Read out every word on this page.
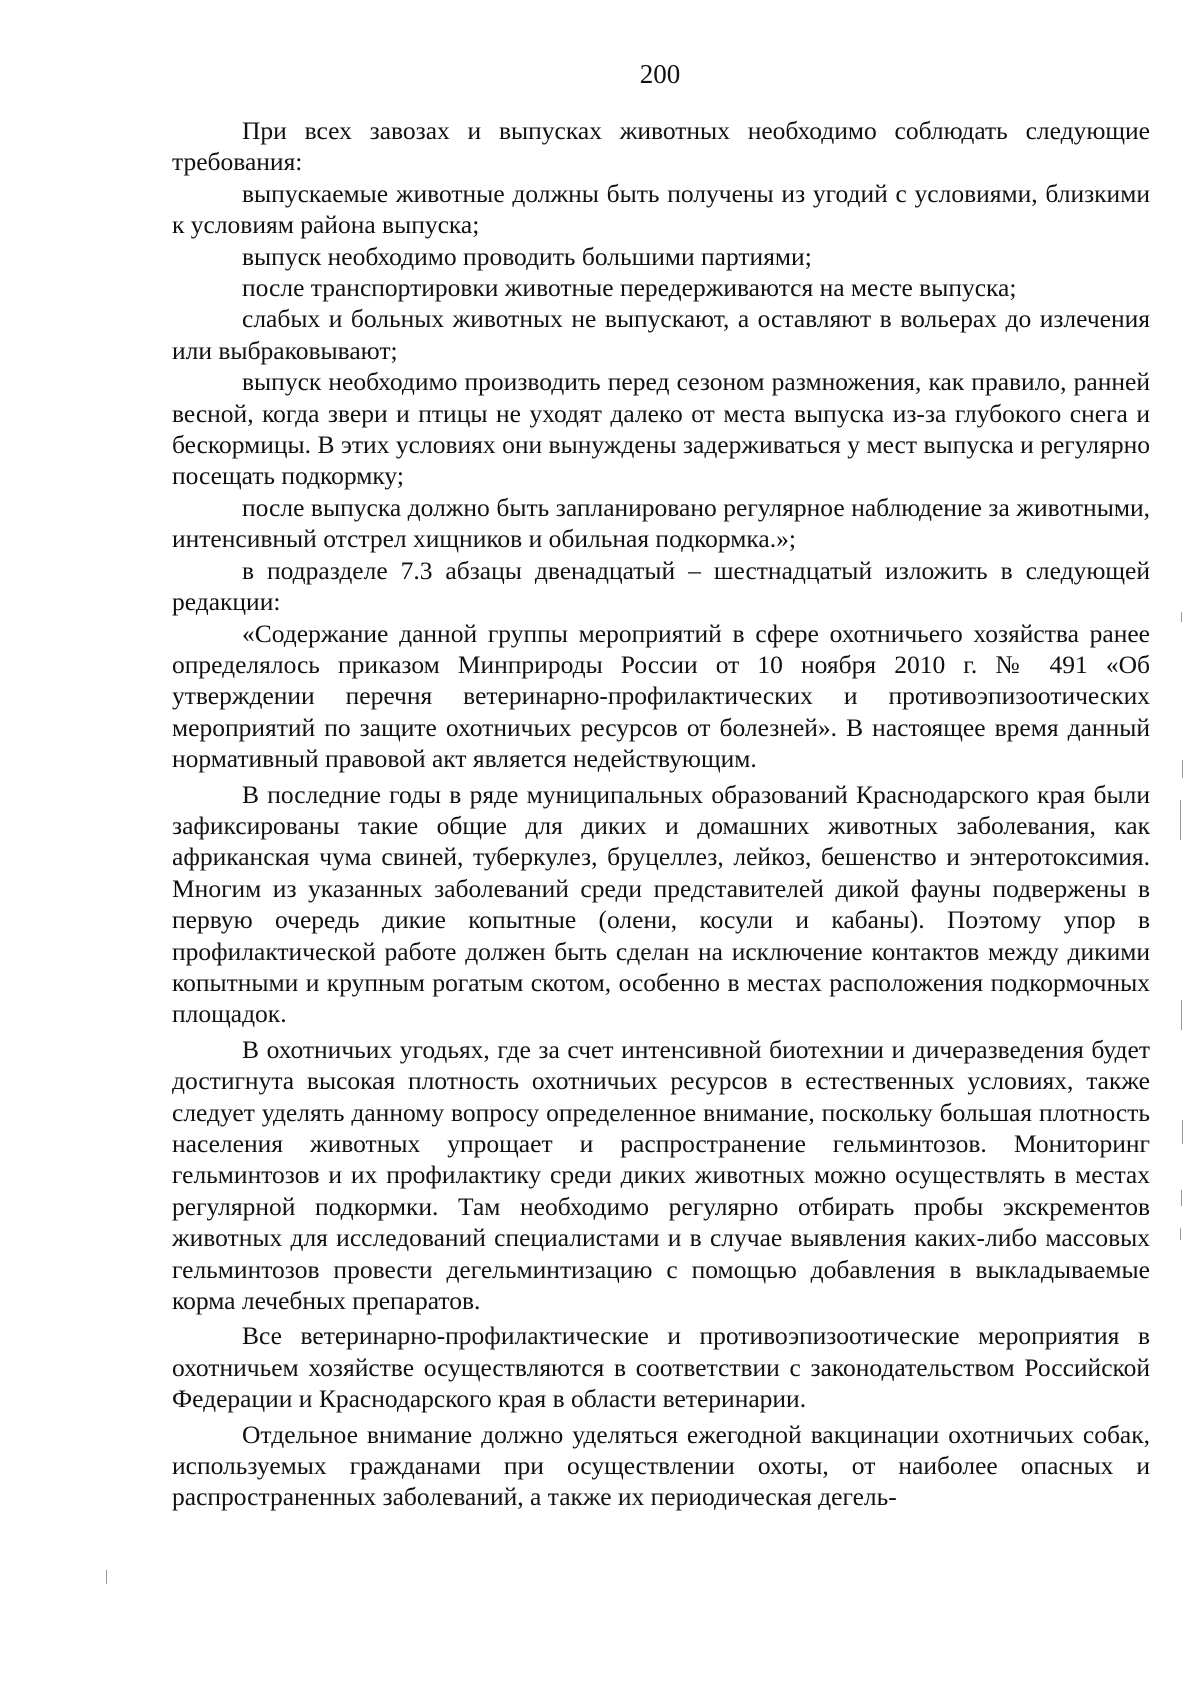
200

При всех завозах и выпусках животных необходимо соблюдать следующие требования:

выпускаемые животные должны быть получены из угодий с условиями, близкими к условиям района выпуска;

выпуск необходимо проводить большими партиями;

после транспортировки животные передерживаются на месте выпуска;

слабых и больных животных не выпускают, а оставляют в вольерах до излечения или выбраковывают;

выпуск необходимо производить перед сезоном размножения, как правило, ранней весной, когда звери и птицы не уходят далеко от места выпуска из-за глубокого снега и бескормицы. В этих условиях они вынуждены задерживаться у мест выпуска и регулярно посещать подкормку;

после выпуска должно быть запланировано регулярное наблюдение за животными, интенсивный отстрел хищников и обильная подкормка.»;

в подразделе 7.3 абзацы двенадцатый – шестнадцатый изложить в следующей редакции:

«Содержание данной группы мероприятий в сфере охотничьего хозяйства ранее определялось приказом Минприроды России от 10 ноября 2010 г. № 491 «Об утверждении перечня ветеринарно-профилактических и противоэпизоотических мероприятий по защите охотничьих ресурсов от болезней». В настоящее время данный нормативный правовой акт является недействующим.

В последние годы в ряде муниципальных образований Краснодарского края были зафиксированы такие общие для диких и домашних животных заболевания, как африканская чума свиней, туберкулез, бруцеллез, лейкоз, бешенство и энтеротоксимия. Многим из указанных заболеваний среди представителей дикой фауны подвержены в первую очередь дикие копытные (олени, косули и кабаны). Поэтому упор в профилактической работе должен быть сделан на исключение контактов между дикими копытными и крупным рогатым скотом, особенно в местах расположения подкормочных площадок.

В охотничьих угодьях, где за счет интенсивной биотехнии и дичеразведения будет достигнута высокая плотность охотничьих ресурсов в естественных условиях, также следует уделять данному вопросу определенное внимание, поскольку большая плотность населения животных упрощает и распространение гельминтозов. Мониторинг гельминтозов и их профилактику среди диких животных можно осуществлять в местах регулярной подкормки. Там необходимо регулярно отбирать пробы экскрементов животных для исследований специалистами и в случае выявления каких-либо массовых гельминтозов провести дегельминтизацию с помощью добавления в выкладываемые корма лечебных препаратов.

Все ветеринарно-профилактические и противоэпизоотические мероприятия в охотничьем хозяйстве осуществляются в соответствии с законодательством Российской Федерации и Краснодарского края в области ветеринарии.

Отдельное внимание должно уделяться ежегодной вакцинации охотничьих собак, используемых гражданами при осуществлении охоты, от наиболее опасных и распространенных заболеваний, а также их периодическая дегель-
